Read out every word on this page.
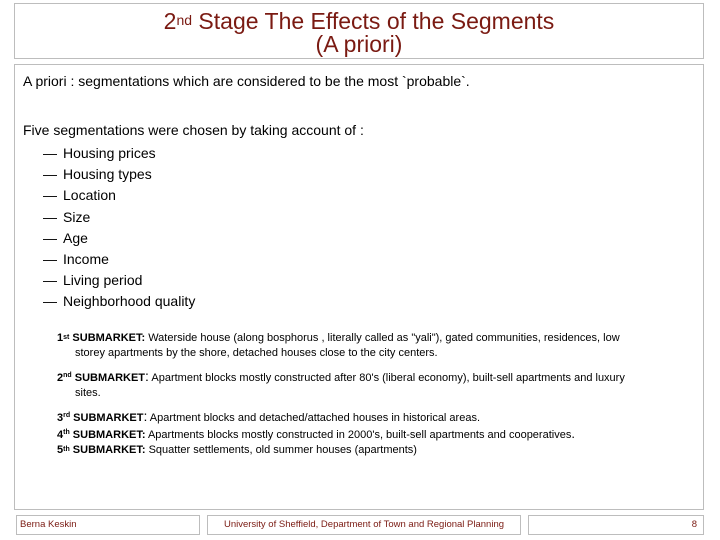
2nd Stage The Effects of the Segments
(A priori)
A priori : segmentations which are considered to be the most `probable`.
Five segmentations were chosen by taking account of :
— Housing prices
— Housing types
— Location
— Size
— Age
— Income
— Living period
— Neighborhood quality

1st SUBMARKET: Waterside house (along bosphorus , literally called as "yali"), gated communities, residences, low
storey apartments by the shore, detached houses close to the city centers.

2nd SUBMARKET: Apartment blocks mostly constructed after 80's (liberal economy), built-sell apartments and luxury
sites.

3rd SUBMARKET: Apartment blocks and detached/attached houses in historical areas.

4th SUBMARKET: Apartments blocks mostly constructed in 2000's, built-sell apartments and cooperatives.

5th SUBMARKET: Squatter settlements, old summer houses (apartments)

Berna Keskin	University of Sheffield, Department of Town and Regional Planning	8
